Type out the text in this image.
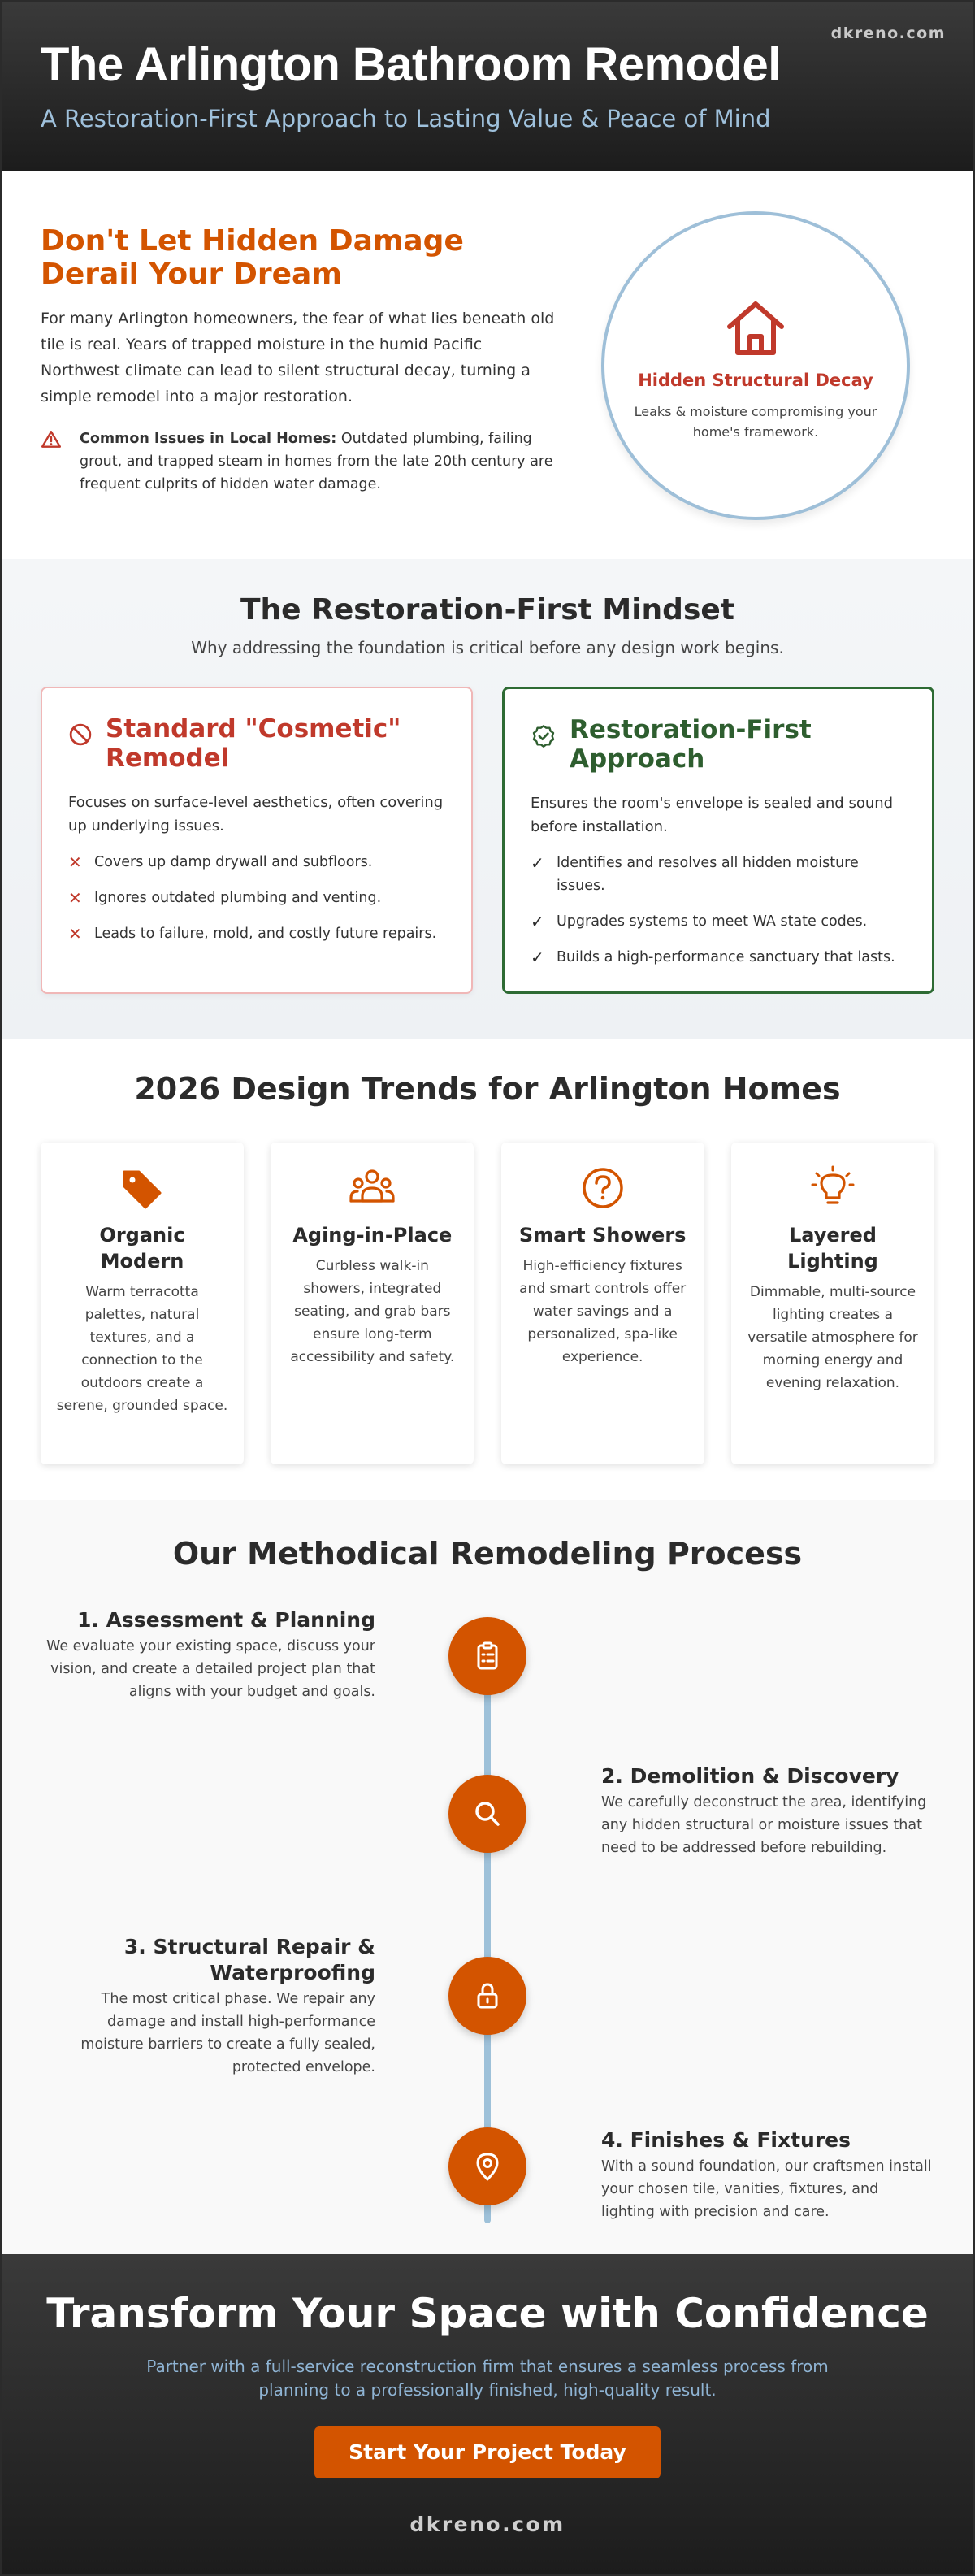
dkreno.com
The Arlington Bathroom Remodel
A Restoration-First Approach to Lasting Value & Peace of Mind
Don't Let Hidden Damage Derail Your Dream

For many Arlington homeowners, the fear of what lies beneath old tile is real. Years of trapped moisture in the humid Pacific Northwest climate can lead to silent structural decay, turning a simple remodel into a major restoration.

Common Issues in Local Homes: Outdated plumbing, failing grout, and trapped steam in homes from the late 20th century are frequent culprits of hidden water damage.
Hidden Structural Decay
Leaks & moisture compromising your home's framework.
The Restoration-First Mindset
Why addressing the foundation is critical before any design work begins.
Standard "Cosmetic" Remodel
Focuses on surface-level aesthetics, often covering up underlying issues.
✕ Covers up damp drywall and subfloors.
✕ Ignores outdated plumbing and venting.
✕ Leads to failure, mold, and costly future repairs.
Restoration-First Approach
Ensures the room's envelope is sealed and sound before installation.
✓ Identifies and resolves all hidden moisture issues.
✓ Upgrades systems to meet WA state codes.
✓ Builds a high-performance sanctuary that lasts.
2026 Design Trends for Arlington Homes
Organic Modern

Warm terracotta palettes, natural textures, and a connection to the outdoors create a serene, grounded space.

Aging-in-Place

Curbless walk-in showers, integrated seating, and grab bars ensure long-term accessibility and safety.

Smart Showers

High-efficiency fixtures and smart controls offer water savings and a personalized, spa-like experience.

Layered Lighting

Dimmable, multi-source lighting creates a versatile atmosphere for morning energy and evening relaxation.

Our Methodical Remodeling Process
1. Assessment & Planning

We evaluate your existing space, discuss your vision, and create a detailed project plan that aligns with your budget and goals.

2. Demolition & Discovery

We carefully deconstruct the area, identifying any hidden structural or moisture issues that need to be addressed before rebuilding.

3. Structural Repair & Waterproofing

The most critical phase. We repair any damage and install high-performance moisture barriers to create a fully sealed, protected envelope.

4. Finishes & Fixtures

With a sound foundation, our craftsmen install your chosen tile, vanities, fixtures, and lighting with precision and care.

Transform Your Space with Confidence
Partner with a full-service reconstruction firm that ensures a seamless process from planning to a professionally finished, high-quality result.
Start Your Project Today
dkreno.com
